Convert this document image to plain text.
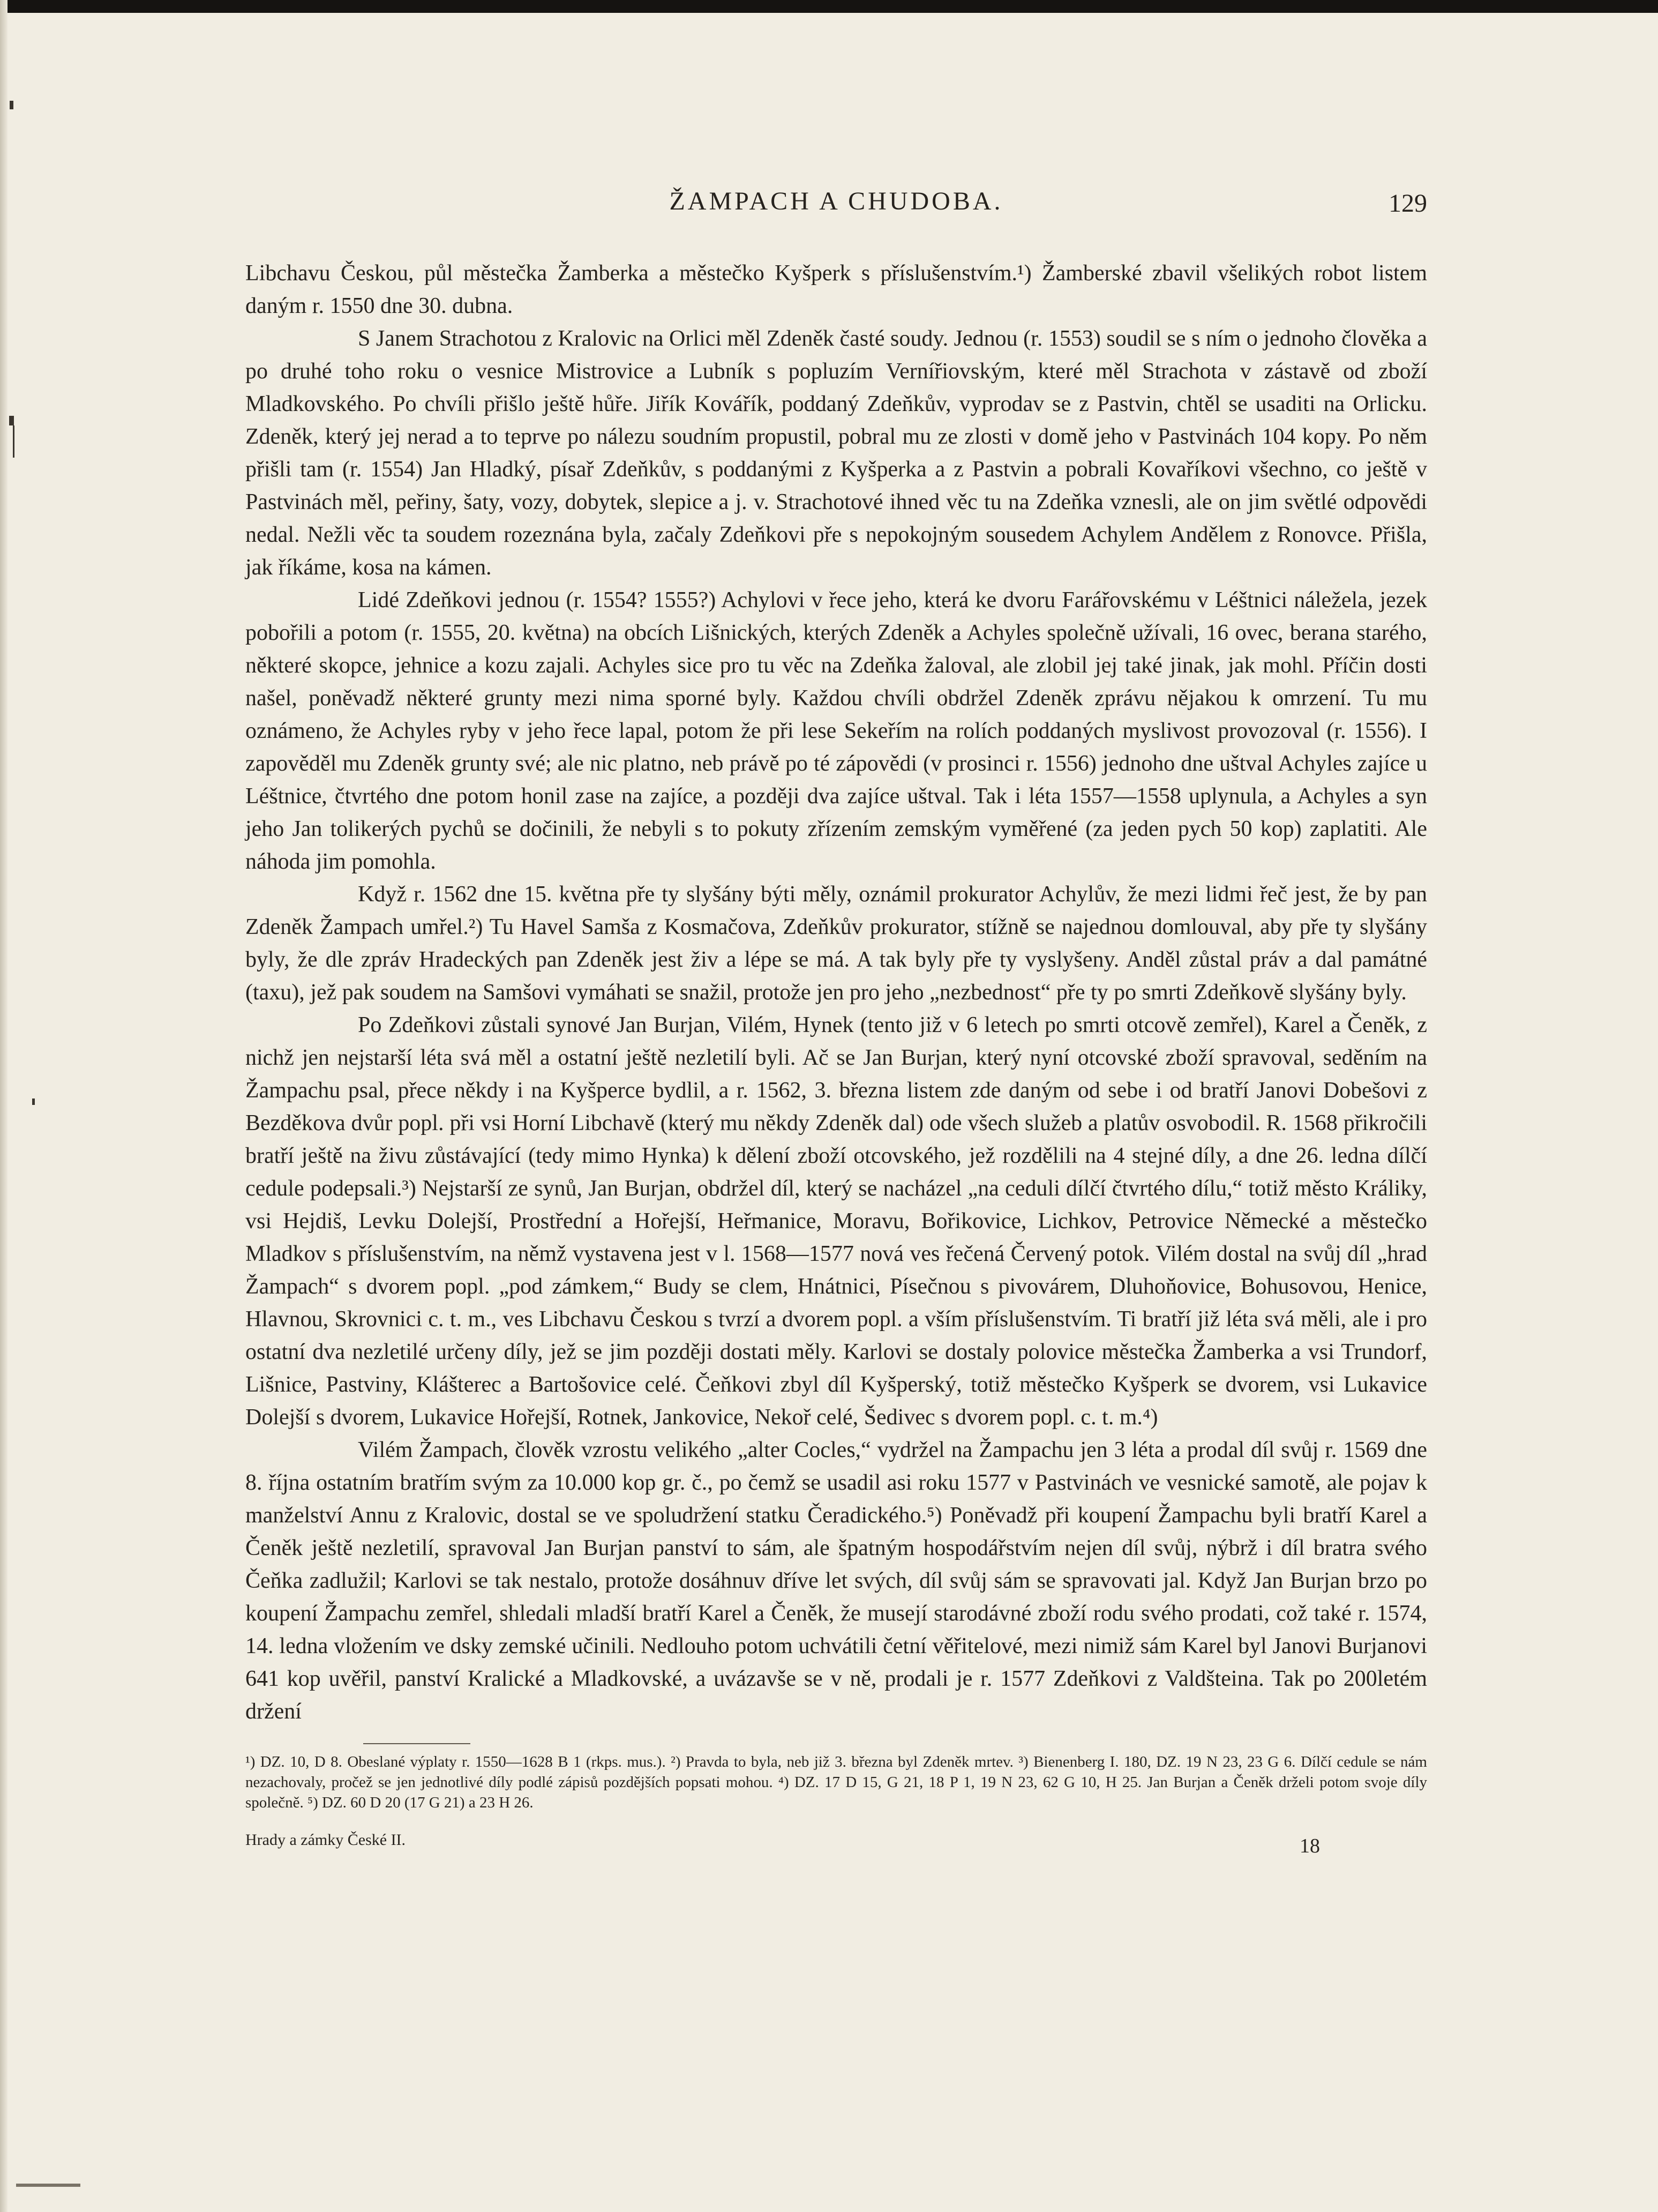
ŽAMPACH A CHUDOBA.	129

Libchavu Českou, půl městečka Žamberka a městečko Kyšperk s příslušenstvím.¹) Žamberské zbavil všelikých robot listem daným r. 1550 dne 30. dubna.

S Janem Strachotou z Kralovic na Orlici měl Zdeněk časté soudy. Jednou (r. 1553) soudil se s ním o jednoho člověka a po druhé toho roku o vesnice Mistrovice a Lubník s popluzím Vernířiovským, které měl Strachota v zástavě od zboží Mladkovského. Po chvíli přišlo ještě hůře. Jiřík Kovářík, poddaný Zdeňkův, vyprodav se z Pastvin, chtěl se usaditi na Orlicku. Zdeněk, který jej nerad a to teprve po nálezu soudním propustil, pobral mu ze zlosti v domě jeho v Pastvinách 104 kopy. Po něm přišli tam (r. 1554) Jan Hladký, písař Zdeňkův, s poddanými z Kyšperka a z Pastvin a pobrali Kovaříkovi všechno, co ještě v Pastvinách měl, peřiny, šaty, vozy, dobytek, slepice a j. v. Strachotové ihned věc tu na Zdeňka vznesli, ale on jim světlé odpovědi nedal. Nežli věc ta soudem rozeznána byla, začaly Zdeňkovi pře s nepokojným sousedem Achylem Andělem z Ronovce. Přišla, jak říkáme, kosa na kámen.

Lidé Zdeňkovi jednou (r. 1554? 1555?) Achylovi v řece jeho, která ke dvoru Farářovskému v Léštnici náležela, jezek pobořili a potom (r. 1555, 20. května) na obcích Lišnických, kterých Zdeněk a Achyles společně užívali, 16 ovec, berana starého, některé skopce, jehnice a kozu zajali. Achyles sice pro tu věc na Zdeňka žaloval, ale zlobil jej také jinak, jak mohl. Příčin dosti našel, poněvadž některé grunty mezi nima sporné byly. Každou chvíli obdržel Zdeněk zprávu nějakou k omrzení. Tu mu oznámeno, že Achyles ryby v jeho řece lapal, potom že při lese Sekeřím na rolích poddaných myslivost provozoval (r. 1556). I zapověděl mu Zdeněk grunty své; ale nic platno, neb právě po té zápovědi (v prosinci r. 1556) jednoho dne uštval Achyles zajíce u Léštnice, čtvrtého dne potom honil zase na zajíce, a později dva zajíce uštval. Tak i léta 1557—1558 uplynula, a Achyles a syn jeho Jan tolikerých pychů se dočinili, že nebyli s to pokuty zřízením zemským vyměřené (za jeden pych 50 kop) zaplatiti. Ale náhoda jim pomohla.

Když r. 1562 dne 15. května pře ty slyšány býti měly, oznámil prokurator Achylův, že mezi lidmi řeč jest, že by pan Zdeněk Žampach umřel.²) Tu Havel Samša z Kosmačova, Zdeňkův prokurator, stížně se najednou domlouval, aby pře ty slyšány byly, že dle zpráv Hradeckých pan Zdeněk jest živ a lépe se má. A tak byly pře ty vyslyšeny. Anděl zůstal práv a dal památné (taxu), jež pak soudem na Samšovi vymáhati se snažil, protože jen pro jeho „nezbednost“ pře ty po smrti Zdeňkově slyšány byly.

Po Zdeňkovi zůstali synové Jan Burjan, Vilém, Hynek (tento již v 6 letech po smrti otcově zemřel), Karel a Čeněk, z nichž jen nejstarší léta svá měl a ostatní ještě nezletilí byli. Ač se Jan Burjan, který nyní otcovské zboží spravoval, seděním na Žampachu psal, přece někdy i na Kyšperce bydlil, a r. 1562, 3. března listem zde daným od sebe i od bratří Janovi Dobešovi z Bezděkova dvůr popl. při vsi Horní Libchavě (který mu někdy Zdeněk dal) ode všech služeb a platův osvobodil. R. 1568 přikročili bratří ještě na živu zůstávající (tedy mimo Hynka) k dělení zboží otcovského, jež rozdělili na 4 stejné díly, a dne 26. ledna dílčí cedule podepsali.³) Nejstarší ze synů, Jan Burjan, obdržel díl, který se nacházel „na ceduli dílčí čtvrtého dílu,“ totiž město Králiky, vsi Hejdiš, Levku Dolejší, Prostřední a Hořejší, Heřmanice, Moravu, Bořikovice, Lichkov, Petrovice Německé a městečko Mladkov s příslušenstvím, na němž vystavena jest v l. 1568—1577 nová ves řečená Červený potok. Vilém dostal na svůj díl „hrad Žampach“ s dvorem popl. „pod zámkem,“ Budy se clem, Hnátnici, Písečnou s pivovárem, Dluhoňovice, Bohusovou, Henice, Hlavnou, Skrovnici c. t. m., ves Libchavu Českou s tvrzí a dvorem popl. a vším příslušenstvím. Ti bratří již léta svá měli, ale i pro ostatní dva nezletilé určeny díly, jež se jim později dostati měly. Karlovi se dostaly polovice městečka Žamberka a vsi Trundorf, Lišnice, Pastviny, Klášterec a Bartošovice celé. Čeňkovi zbyl díl Kyšperský, totiž městečko Kyšperk se dvorem, vsi Lukavice Dolejší s dvorem, Lukavice Hořejší, Rotnek, Jankovice, Nekoř celé, Šedivec s dvorem popl. c. t. m.⁴)

Vilém Žampach, člověk vzrostu velikého „alter Cocles,“ vydržel na Žampachu jen 3 léta a prodal díl svůj r. 1569 dne 8. října ostatním bratřím svým za 10.000 kop gr. č., po čemž se usadil asi roku 1577 v Pastvinách ve vesnické samotě, ale pojav k manželství Annu z Kralovic, dostal se ve spoludržení statku Čeradického.⁵) Poněvadž při koupení Žampachu byli bratří Karel a Čeněk ještě nezletilí, spravoval Jan Burjan panství to sám, ale špatným hospodářstvím nejen díl svůj, nýbrž i díl bratra svého Čeňka zadlužil; Karlovi se tak nestalo, protože dosáhnuv dříve let svých, díl svůj sám se spravovati jal. Když Jan Burjan brzo po koupení Žampachu zemřel, shledali mladší bratří Karel a Čeněk, že musejí starodávné zboží rodu svého prodati, což také r. 1574, 14. ledna vložením ve dsky zemské učinili. Nedlouho potom uchvátili četní věřitelové, mezi nimiž sám Karel byl Janovi Burjanovi 641 kop uvěřil, panství Kralické a Mladkovské, a uvázavše se v ně, prodali je r. 1577 Zdeňkovi z Valdšteina. Tak po 200letém držení

¹) DZ. 10, D 8. Obeslané výplaty r. 1550—1628 B 1 (rkps. mus.). ²) Pravda to byla, neb již 3. března byl Zdeněk mrtev. ³) Bienenberg I. 180, DZ. 19 N 23, 23 G 6. Dílčí cedule se nám nezachovaly, pročež se jen jednotlivé díly podlé zápisů pozdějších popsati mohou. ⁴) DZ. 17 D 15, G 21, 18 P 1, 19 N 23, 62 G 10, H 25. Jan Burjan a Čeněk drželi potom svoje díly společně. ⁵) DZ. 60 D 20 (17 G 21) a 23 H 26.
Hrady a zámky České II.	18
